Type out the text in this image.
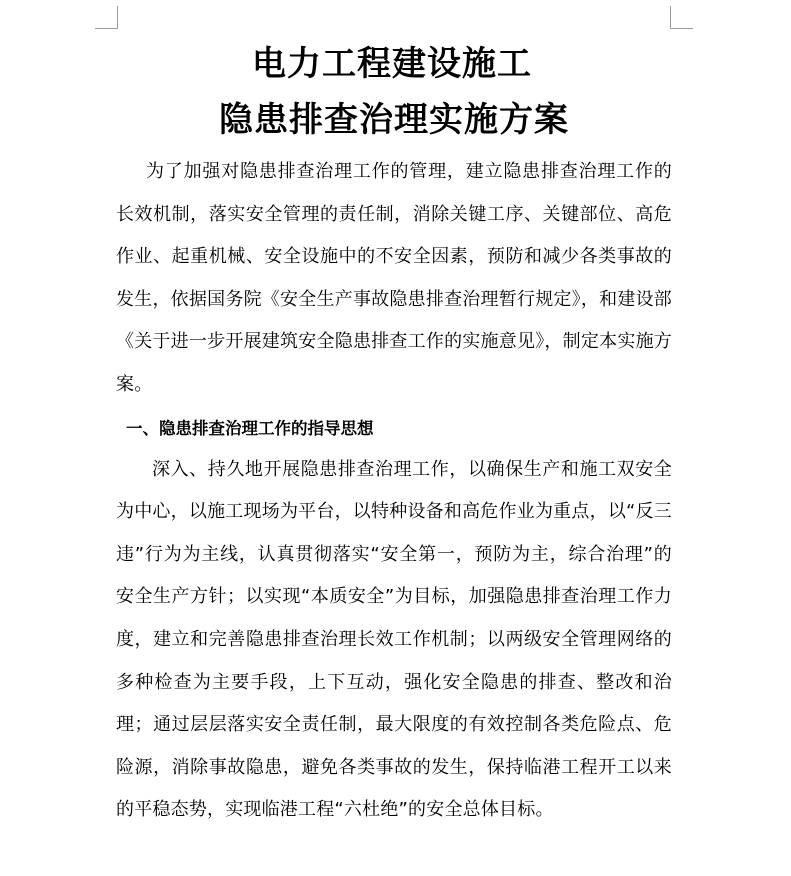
电力工程建设施工
隐患排查治理实施方案

为了加强对隐患排查治理工作的管理，建立隐患排查治理工作的长效机制，落实安全管理的责任制，消除关键工序、关键部位、高危作业、起重机械、安全设施中的不安全因素，预防和减少各类事故的发生，依据国务院《安全生产事故隐患排查治理暂行规定》，和建设部《关于进一步开展建筑安全隐患排查工作的实施意见》，制定本实施方案。

一、隐患排查治理工作的指导思想

深入、持久地开展隐患排查治理工作，以确保生产和施工双安全为中心，以施工现场为平台，以特种设备和高危作业为重点，以“反三违”行为为主线，认真贯彻落实“安全第一，预防为主，综合治理”的安全生产方针；以实现“本质安全”为目标，加强隐患排查治理工作力度，建立和完善隐患排查治理长效工作机制；以两级安全管理网络的多种检查为主要手段，上下互动，强化安全隐患的排查、整改和治理；通过层层落实安全责任制，最大限度的有效控制各类危险点、危险源，消除事故隐患，避免各类事故的发生，保持临港工程开工以来的平稳态势，实现临港工程“六杜绝”的安全总体目标。
